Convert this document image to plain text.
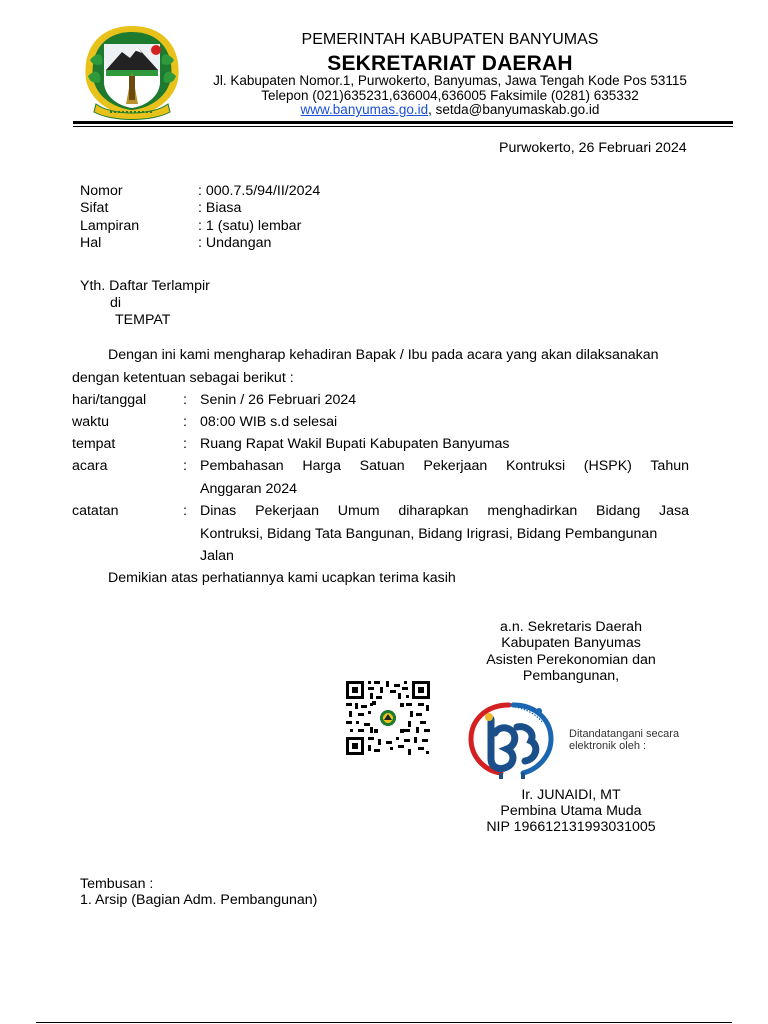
PEMERINTAH KABUPATEN BANYUMAS
SEKRETARIAT DAERAH
Jl. Kabupaten Nomor.1, Purwokerto, Banyumas, Jawa Tengah Kode Pos 53115
Telepon (021)635231,636004,636005 Faksimile (0281) 635332
www.banyumas.go.id, setda@banyumaskab.go.id
Purwokerto, 26 Februari 2024
Nomor	: 000.7.5/94/II/2024
Sifat	: Biasa
Lampiran	: 1 (satu) lembar
Hal	: Undangan
Yth. Daftar Terlampir
di
TEMPAT
Dengan ini kami mengharap kehadiran Bapak / Ibu pada acara yang akan dilaksanakan
dengan ketentuan sebagai berikut :
hari/tanggal	: Senin / 26 Februari 2024
waktu	: 08:00 WIB s.d selesai
tempat	: Ruang Rapat Wakil Bupati Kabupaten Banyumas
acara	: Pembahasan Harga Satuan Pekerjaan Kontruksi (HSPK) Tahun
Anggaran 2024
catatan	: Dinas Pekerjaan Umum diharapkan menghadirkan Bidang Jasa
Kontruksi, Bidang Tata Bangunan, Bidang Irigrasi, Bidang Pembangunan
Jalan
Demikian atas perhatiannya kami ucapkan terima kasih
a.n. Sekretaris Daerah
Kabupaten Banyumas
Asisten Perekonomian dan
Pembangunan,
Ditandatangani secara
elektronik oleh :
Ir. JUNAIDI, MT
Pembina Utama Muda
NIP 196612131993031005
Tembusan :
1. Arsip (Bagian Adm. Pembangunan)
